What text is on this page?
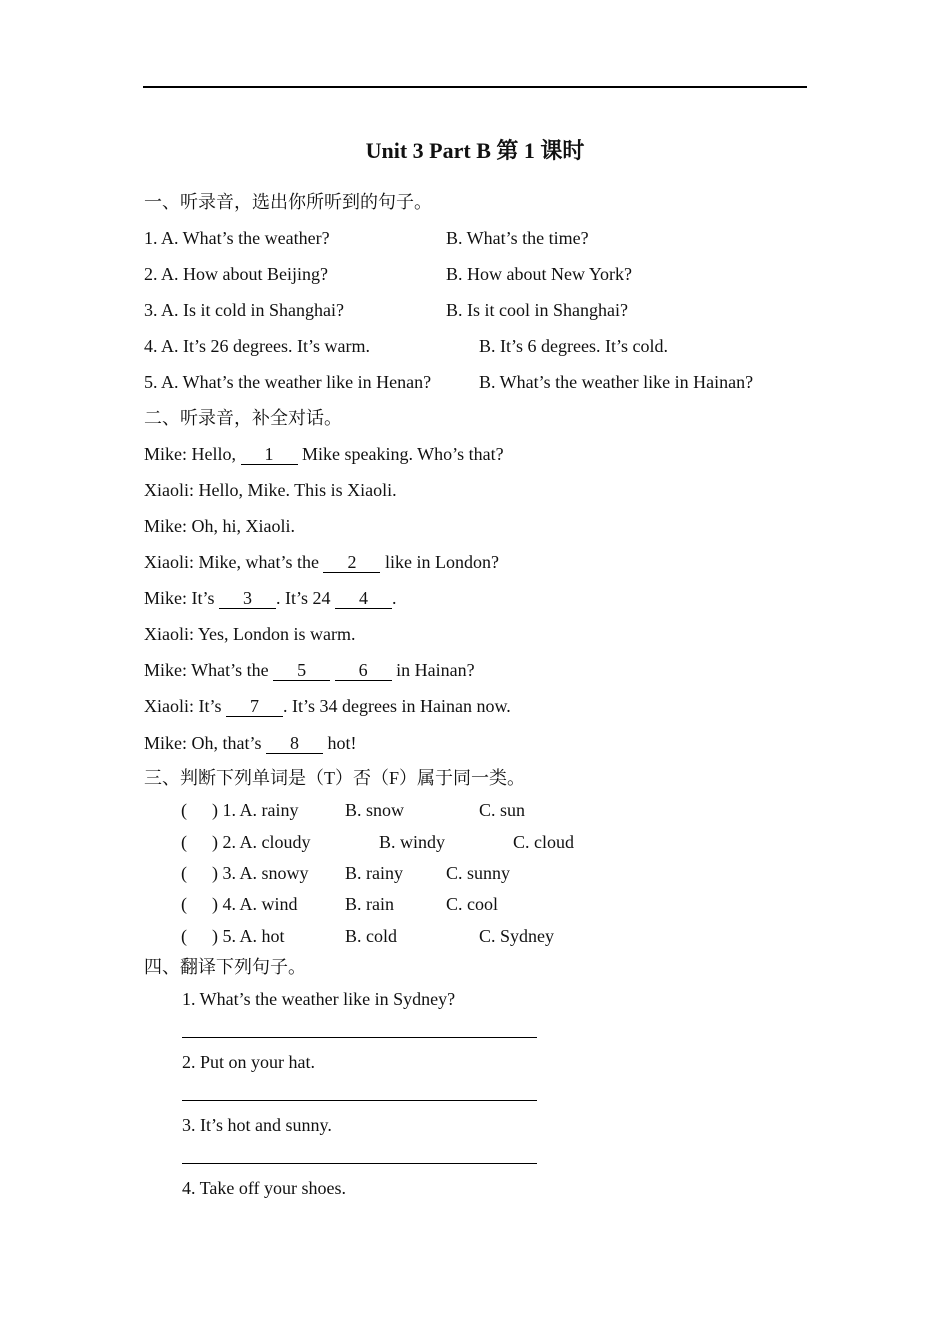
Unit 3 Part B 第 1 课时
一、听录音，选出你所听到的句子。
1. A. What’s the weather?	B. What’s the time?
2. A. How about Beijing?	B. How about New York?
3. A. Is it cold in Shanghai?	B. Is it cool in Shanghai?
4. A. It’s 26 degrees. It’s warm.	B. It’s 6 degrees. It’s cold.
5. A. What’s the weather like in Henan?	B. What’s the weather like in Hainan?
二、听录音，补全对话。
Mike: Hello, 1 Mike speaking. Who’s that?
Xiaoli: Hello, Mike. This is Xiaoli.
Mike: Oh, hi, Xiaoli.
Xiaoli: Mike, what’s the 2 like in London?
Mike: It’s 3 . It’s 24 4 .
Xiaoli: Yes, London is warm.
Mike: What’s the 5	6 in Hainan?
Xiaoli: It’s 7 . It’s 34 degrees in Hainan now.
Mike: Oh, that’s 8 hot!
三、判断下列单词是（T）否（F）属于同一类。
( ) 1. A. rainy	B. snow	C. sun
( ) 2. A. cloudy	B. windy	C. cloud
( ) 3. A. snowy B. rainy C. sunny
( ) 4. A. wind	B. rain	C. cool
( ) 5. A. hot	B. cold	C. Sydney
四、翻译下列句子。
1. What’s the weather like in Sydney?
2. Put on your hat.
3. It’s hot and sunny.
4. Take off your shoes.
